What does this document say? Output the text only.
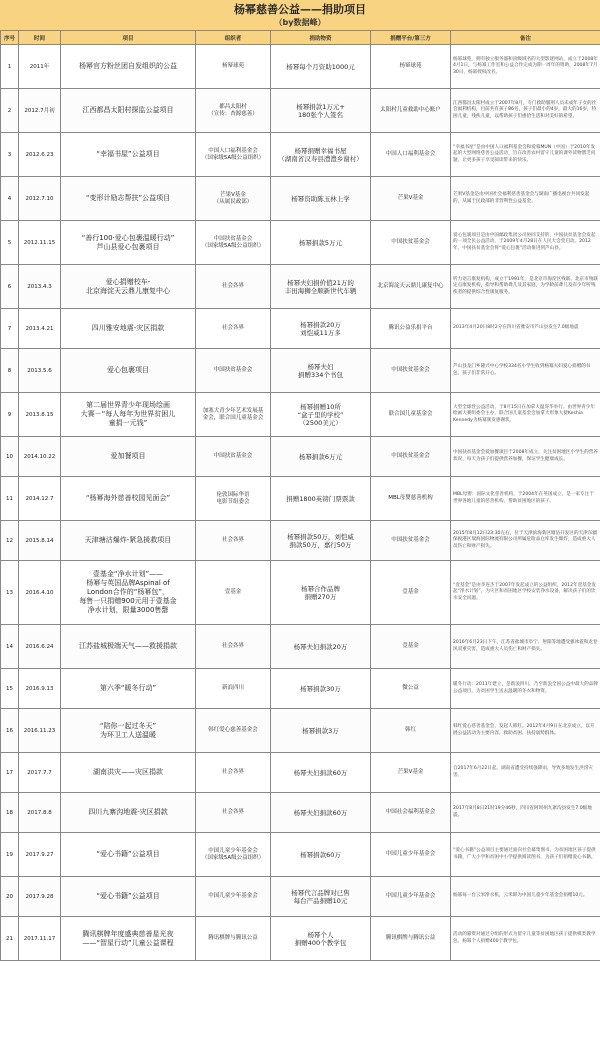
杨幂慈善公益——捐助项目
（by数据峰）
序号	时间	项目	组织者	捐助物资	捐赠平台/第三方	备注
1	2011年	杨幂官方粉丝团自发组织的公益	杨幂球苑	杨幂每个月资助1000元	杨幂球苑	杨幂球苑，拥有独立服务器和顶级域名的大型影迷网站，成立于2008年4月1日，与杨幂工作室和公益合作完成为期一周年的资助，2008年7月30日，杨幂授权改名。
2	2012.7月初	江西都昌太阳村探监公益项目	都昌太阳村
（宣传：杏源慈善）	杨幂捐款1万元+
180张个人签名	太阳村儿童救助中心账户	江西都昌太阳村成立于2007年8月，专门救助服刑人员未成年子女的社会福利机构，目前共有孩子86名，孩子们最小的4岁，最大的16岁，特困儿童，残疾儿童，以帮助孩子们重拾生活和对美好的希望。
3	2012.6.23	“幸福书屋”公益项目	中国人口福利基金会
（国家级5A级公益组织）	杨幂捐赠幸福书屋
（湖南省汉寿县澧澧乡谢村）	中国人口福利基金会	“幸福书屋”是由中国人口福利基金会和爱慕MUN（中国）于2010年发起的大型网络慈善公益活动，旨在改善农村留守儿童的课外读物匮乏问题，让更多孩子享受阅读带来的快乐。
4	2012.7.10	“变形计励志帮扶”公益项目	芒果V基金
（从属民政部）	杨幂资助陈玉林上学	芒果V基金	芒果V基金是由中国社会福利慈善基金会与湖南广播电视台共同发起的，从属于民政部的非营利性公益基金。
5	2012.11.15	“善行100·爱心包裹温暖行动”
芦山县爱心包裹项目	中国扶贫基金会
（国家级5A级公益组织）	杨幂捐款5万元	中国扶贫基金会	爱心包裹项目是由中国邮政集团公司协同支持的，中国扶贫基金会发起的一项全民公益活动，于2009年4月28日在人民大会堂启动。2012年，中国扶贫基金会将“爱心包裹”活动推进到芦山县。
6	2013.4.3	爱心捐赠校车-
北京海淀天云鼎儿康复中心	社会各界	杨幂夫妇捐价值21万的
丰田海狮全顺新世代车辆	北京海淀天云鼎儿康复中心	听力语言康复机构，成立于1991年，是北京市海淀区残联、北京市残联定点康复机构，指导和帮助聋儿及其家庭，为学龄前聋儿及有少年听残疾者的提供综合性康复服务。
7	2013.4.21	四川雅安地震-灾区捐款	社会各界	杨幂捐款20万
刘恺威11万多	腾讯公益乐捐平台	2013年4月20日8时2分在四川省雅安市芦山县发生7.0级地震
8	2013.5.6	爱心包裹项目	中国扶贫基金会	杨幂夫妇
捐赠334个书包	中国扶贫基金会	芦山县龙门乡隆兴中心学校334名小学生收到杨幂夫妇爱心捐赠的书包，孩子们非常开心。
9	2013.8.15	第二届世界青少年现场绘画
大赛－“每人每年为世界贫困儿
童捐一元钱”	加塞大青少年艺术发展基
金会，联合国儿童基金会	杨幂捐赠10所
“盒子里的学校”
（2500美元）	联合国儿童基金会	大型全球性公益活动，于8月15日在加拿大温哥华举行。由世界青少年绘画大赛组委会主办，联合国儿童基金会加拿大形象大使Keshia Kennedy为杨幂颁发感谢状。
10	2014.10.22	爱加餐项目	中国扶贫基金会	杨幂捐款6万元	中国扶贫基金会	中国扶贫基金会爱加餐项目于2008年成立，关注贫困地区小学生的营养状况，每天为孩子们提供营养加餐，保证学生健康成长。
11	2014.12.7	“杨幂海外慈善校园见面会”	伦敦国际华语
电影节组委会	捐赠1800英镑门票票款	MBL母婴慈善机构	MBL母婴：国际文化慈善机构，于2004年在英国成立，是一家专注于世界各地儿童的慈善机构，帮助贫困地区的孩子。
12	2015.8.14	天津塘沽爆炸-紧急援救项目	社会各界	杨幂捐款50万，刘恺威
捐款50万，嘉行50万	中国扶贫基金会	2015年8月12日23:30左右，位于天津滨海新区塘沽开发区的天津东疆保税港区瑞海国际物流有限公司所属危险品仓库发生爆炸，造成重大人员伤亡和财产损失。
13	2016.4.10	壹基金“净水计划”——
杨幂与英国品牌Aspinal of
London合作的“杨幂包”，
每售一只捐赠900元用于壹基金
净水计划，限量3000售罄	壹基金	杨幂合作品牌
捐赠270万	壹基金	“壹基金”是由李连杰于2007年发起成立的公益组织，2012年壹基金发起“净水计划”，为灾区和贫困地区学校安装净水设备，解决孩子们的饮水安全问题。
14	2016.6.24	江苏盐城极端天气——救援捐款	社会各界	杨幂夫妇捐款20万	壹基金	2016年6月23日下午，江苏省盐城市阜宁、射阳等地遭受强冰雹和龙卷风双重灾害，造成重大人员伤亡和财产损失。
15	2016.9.13	第六季“暖冬行动”	新浪四川	杨幂捐款30万	微公益	暖冬行动：2011年建立，是新浪四川、乃至新浪全国公益中最大的品牌公益项目，为贫困学生送去温暖的冬衣和物资。
16	2016.11.23	“陪你一起过冬天”
为环卫工人送温暖	韩红爱心慈善基金会	杨幂捐款3万	韩红	韩红爱心慈善基金会，发起人韩红。2012年4月9日在北京成立，以开展公益活动为主要内容，救助贫困、扶持弱势群体。
17	2017.7.7	湖南洪灾——灾区捐款	社会各界	杨幂夫妇捐款60万	芒果V基金	自2017年6月22日起，湖南省遭受持续强降雨，导致多地发生洪涝灾害。
18	2017.8.8	四川九寨沟地震-灾区捐款	社会各界	杨幂夫妇捐款60万	中国社会福利基金会	2017年8月8日21时19分46秒，四川省阿坝州九寨沟县发生7.0级地震。
19	2017.9.27	“爱心书籍”公益项目	中国儿童少年基金会
（国家级5A级公益组织）	杨幂捐款60万	中国儿童少年基金会	“爱心书籍”公益项目主要通过面向社会募集图书，为贫困地区孩子提供书籍，广大小学和贫困中小学提供阅读图书，为孩子们捐赠爱心书籍。
20	2017.9.28	“爱心书籍”公益项目	中国儿童少年基金会	杨幂代言品牌对已售
每台产品捐赠10元	中国儿童少年基金会	杨幂每一台云米净水机，云米即为中国儿童少年基金会捐赠10元。
21	2017.11.17	腾讯棋牌年度盛典慈善星光夜
——“智星行动”儿童公益课程	腾讯棋牌与腾讯公益	杨幂个人
捐赠400个教学包	腾讯棋牌与腾讯公益	活动的募资对通过分组的形式为留守儿童等贫困地区孩子提供棋类教学包，杨幂个人捐赠400个教学包。
